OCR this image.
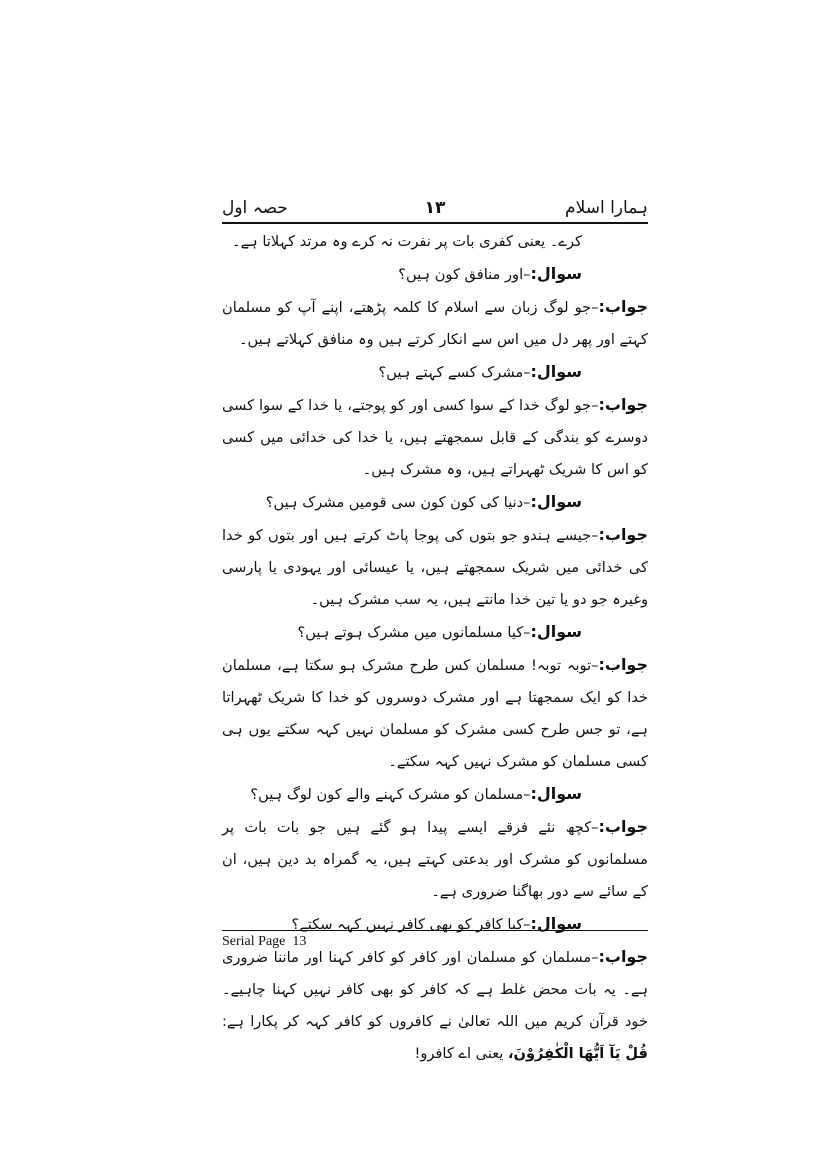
حصہ اول	۱۳	ہمارا اسلام

کرے۔ یعنی کفری بات پر نفرت نہ کرے وہ مرتد کہلاتا ہے۔

سوال:–اور منافق کون ہیں؟

جواب:–جو لوگ زبان سے اسلام کا کلمہ پڑھتے، اپنے آپ کو مسلمان کہتے اور پھر دل میں اس سے انکار کرتے ہیں وہ منافق کہلاتے ہیں۔

سوال:–مشرک کسے کہتے ہیں؟

جواب:–جو لوگ خدا کے سوا کسی اور کو پوجتے، یا خدا کے سوا کسی دوسرے کو بندگی کے قابل سمجھتے ہیں، یا خدا کی خدائی میں کسی کو اس کا شریک ٹھہراتے ہیں، وہ مشرک ہیں۔

سوال:–دنیا کی کون کون سی قومیں مشرک ہیں؟

جواب:–جیسے ہندو جو بتوں کی پوجا پاٹ کرتے ہیں اور بتوں کو خدا کی خدائی میں شریک سمجھتے ہیں، یا عیسائی اور یہودی یا پارسی وغیرہ جو دو یا تین خدا مانتے ہیں، یہ سب مشرک ہیں۔

سوال:–کیا مسلمانوں میں مشرک ہوتے ہیں؟

جواب:–توبہ توبہ! مسلمان کس طرح مشرک ہو سکتا ہے، مسلمان خدا کو ایک سمجھتا ہے اور مشرک دوسروں کو خدا کا شریک ٹھہراتا ہے، تو جس طرح کسی مشرک کو مسلمان نہیں کہہ سکتے یوں ہی کسی مسلمان کو مشرک نہیں کہہ سکتے۔

سوال:–مسلمان کو مشرک کہنے والے کون لوگ ہیں؟

جواب:–کچھ نئے فرقے ایسے پیدا ہو گئے ہیں جو بات بات پر مسلمانوں کو مشرک اور بدعتی کہتے ہیں، یہ گمراہ بد دین ہیں، ان کے سائے سے دور بھاگنا ضروری ہے۔

سوال:–کیا کافر کو بھی کافر نہیں کہہ سکتے؟

جواب:–مسلمان کو مسلمان اور کافر کو کافر کہنا اور ماننا ضروری ہے۔ یہ بات محض غلط ہے کہ کافر کو بھی کافر نہیں کہنا چاہیے۔ خود قرآن کریم میں اللہ تعالیٰ نے کافروں کو کافر کہہ کر پکارا ہے: قُلْ يَآ اَيُّهَا الْكٰفِرُوْنَ، یعنی اے کافرو!

Serial Page 13
